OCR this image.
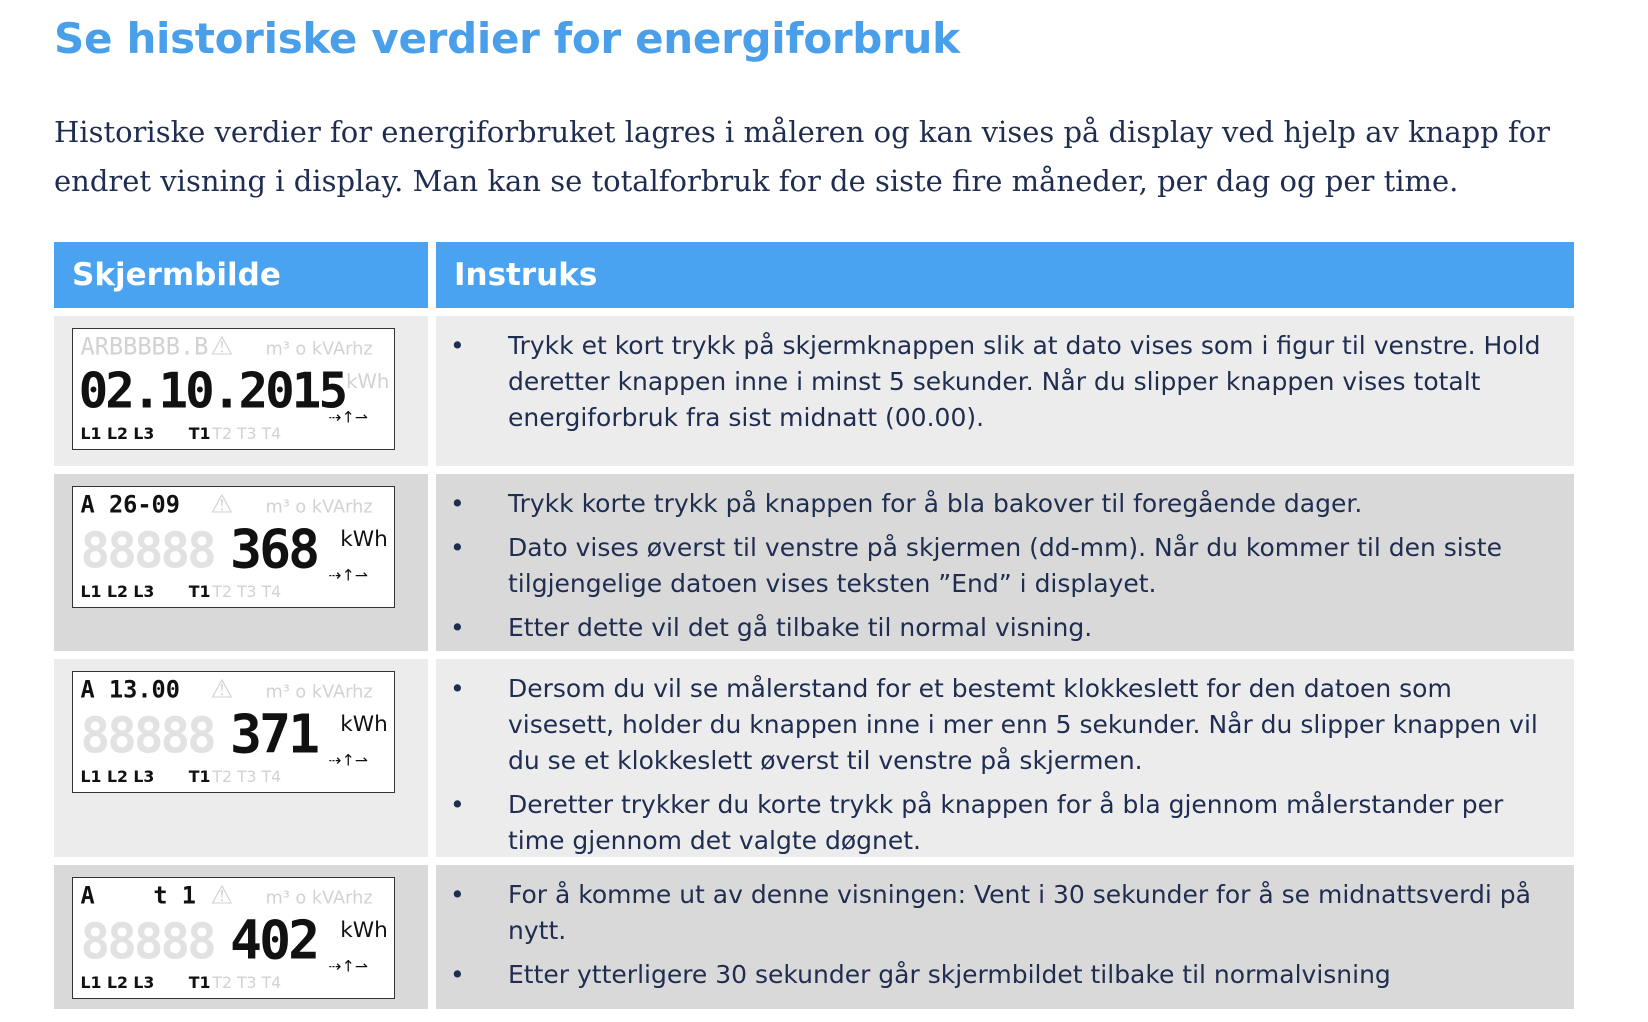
Se historiske verdier for energiforbruk

Historiske verdier for energiforbruket lagres i måleren og kan vises på display ved hjelp av knapp for endret visning i display. Man kan se totalforbruk for de siste fire måneder, per dag og per time.

Skjermbilde	Instruks
ARBBBBB.B ⚠ m³ o kVArhz
02.10.2015 kWh
⇢↑⇀
L1 L2 L3 T1 T2 T3 T4
• Trykk et kort trykk på skjermknappen slik at dato vises som i figur til venstre. Hold deretter knappen inne i minst 5 sekunder. Når du slipper knappen vises totalt energiforbruk fra sist midnatt (00.00).
A 26-09 ⚠ m³ o kVArhz
88888 368 kWh
⇢↑⇀
L1 L2 L3 T1 T2 T3 T4
• Trykk korte trykk på knappen for å bla bakover til foregående dager.
• Dato vises øverst til venstre på skjermen (dd-mm). Når du kommer til den siste tilgjengelige datoen vises teksten ”End” i displayet.
• Etter dette vil det gå tilbake til normal visning.
A 13.00 ⚠ m³ o kVArhz
88888 371 kWh
⇢↑⇀
L1 L2 L3 T1 T2 T3 T4
• Dersom du vil se målerstand for et bestemt klokkeslett for den datoen som visesett, holder du knappen inne i mer enn 5 sekunder. Når du slipper knappen vil du se et klokkeslett øverst til venstre på skjermen.
• Deretter trykker du korte trykk på knappen for å bla gjennom målerstander per time gjennom det valgte døgnet.
A t 1 ⚠ m³ o kVArhz
88888 402 kWh
⇢↑⇀
L1 L2 L3 T1 T2 T3 T4
• For å komme ut av denne visningen: Vent i 30 sekunder for å se midnattsverdi på nytt.
• Etter ytterligere 30 sekunder går skjermbildet tilbake til normalvisning
